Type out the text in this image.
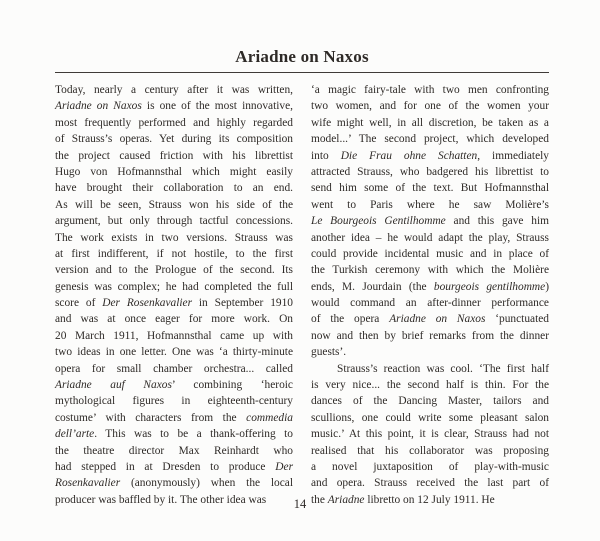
Ariadne on Naxos
Today, nearly a century after it was written,
Ariadne on Naxos is one of the most innovative,
most frequently performed and highly regarded
of Strauss’s operas. Yet during its composition
the project caused friction with his librettist
Hugo von Hofmannsthal which might easily
have brought their collaboration to an end.
As will be seen, Strauss won his side of the
argument, but only through tactful concessions.
The work exists in two versions. Strauss was
at first indifferent, if not hostile, to the first
version and to the Prologue of the second. Its
genesis was complex; he had completed the full
score of Der Rosenkavalier in September 1910
and was at once eager for more work. On
20 March 1911, Hofmannsthal came up with
two ideas in one letter. One was ‘a thirty-minute
opera for small chamber orchestra... called
Ariadne auf Naxos’ combining ‘heroic
mythological figures in eighteenth-century
costume’ with characters from the commedia
dell’arte. This was to be a thank-offering to
the theatre director Max Reinhardt who
had stepped in at Dresden to produce Der
Rosenkavalier (anonymously) when the local
producer was baffled by it. The other idea was
‘a magic fairy-tale with two men confronting
two women, and for one of the women your
wife might well, in all discretion, be taken as a
model...’ The second project, which developed
into Die Frau ohne Schatten, immediately
attracted Strauss, who badgered his librettist to
send him some of the text. But Hofmannsthal
went to Paris where he saw Molière’s
Le Bourgeois Gentilhomme and this gave him
another idea – he would adapt the play, Strauss
could provide incidental music and in place of
the Turkish ceremony with which the Molière
ends, M. Jourdain (the bourgeois gentilhomme)
would command an after-dinner performance
of the opera Ariadne on Naxos ‘punctuated
now and then by brief remarks from the dinner
guests’.
Strauss’s reaction was cool. ‘The first half
is very nice... the second half is thin. For the
dances of the Dancing Master, tailors and
scullions, one could write some pleasant salon
music.’ At this point, it is clear, Strauss had not
realised that his collaborator was proposing
a novel juxtaposition of play-with-music
and opera. Strauss received the last part of
the Ariadne libretto on 12 July 1911. He
14
